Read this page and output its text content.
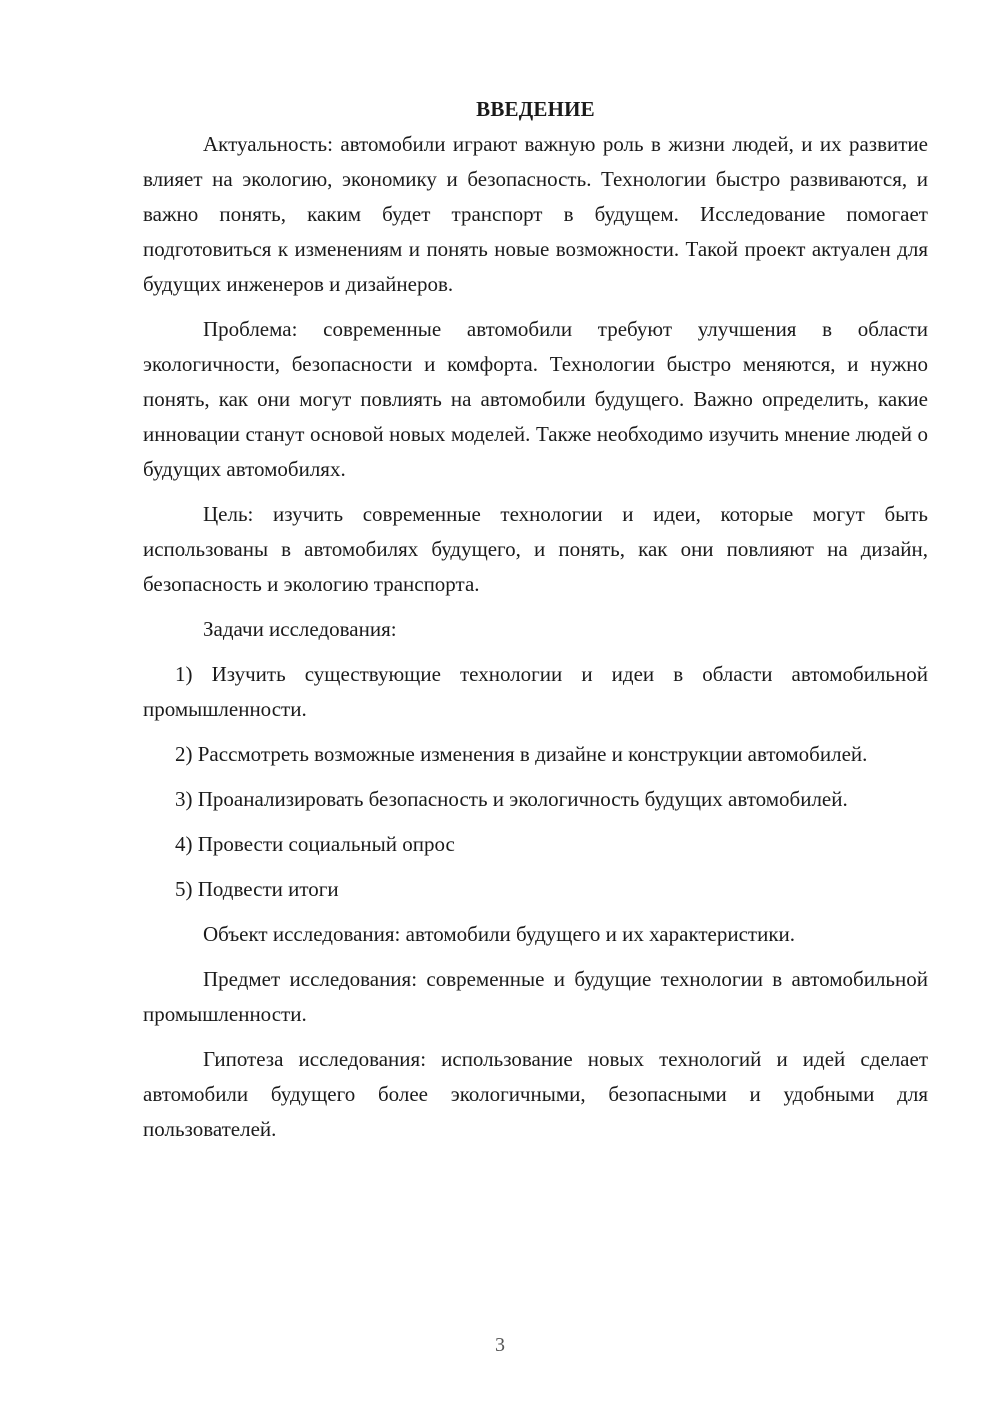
ВВЕДЕНИЕ

Актуальность: автомобили играют важную роль в жизни людей, и их развитие влияет на экологию, экономику и безопасность. Технологии быстро развиваются, и важно понять, каким будет транспорт в будущем. Исследование помогает подготовиться к изменениям и понять новые возможности. Такой проект актуален для будущих инженеров и дизайнеров.

Проблема: современные автомобили требуют улучшения в области экологичности, безопасности и комфорта. Технологии быстро меняются, и нужно понять, как они могут повлиять на автомобили будущего. Важно определить, какие инновации станут основой новых моделей. Также необходимо изучить мнение людей о будущих автомобилях.

Цель: изучить современные технологии и идеи, которые могут быть использованы в автомобилях будущего, и понять, как они повлияют на дизайн, безопасность и экологию транспорта.

Задачи исследования:

1) Изучить существующие технологии и идеи в области автомобильной промышленности.

2) Рассмотреть возможные изменения в дизайне и конструкции автомобилей.

3) Проанализировать безопасность и экологичность будущих автомобилей.

4) Провести социальный опрос

5) Подвести итоги

Объект исследования: автомобили будущего и их характеристики.

Предмет исследования: современные и будущие технологии в автомобильной промышленности.

Гипотеза исследования: использование новых технологий и идей сделает автомобили будущего более экологичными, безопасными и удобными для пользователей.

3
